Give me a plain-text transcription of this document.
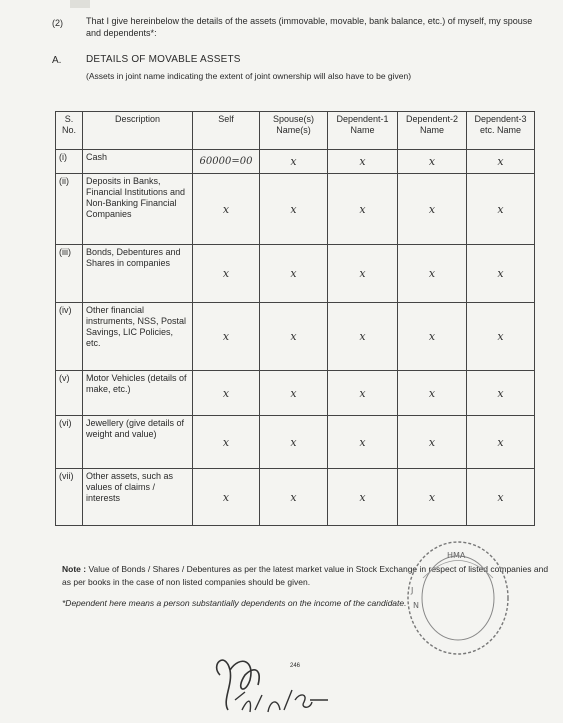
(2)	That I give hereinbelow the details of the assets (immovable, movable, bank balance, etc.) of myself, my spouse and dependents*:
A. DETAILS OF MOVABLE ASSETS
(Assets in joint name indicating the extent of joint ownership will also have to be given)
S. No.	Description	Self	Spouse(s) Name(s)	Dependent-1 Name	Dependent-2 Name	Dependent-3 etc. Name
(i)	Cash	60000=00	x	x	x	x
(ii)	Deposits in Banks, Financial Institutions and Non-Banking Financial Companies	x	x	x	x	x
(iii)	Bonds, Debentures and Shares in companies	x	x	x	x	x
(iv)	Other financial instruments, NSS, Postal Savings, LIC Policies, etc.	x	x	x	x	x
(v)	Motor Vehicles (details of make, etc.)	x	x	x	x	x
(vi)	Jewellery (give details of weight and value)	x	x	x	x	x
(vii)	Other assets, such as values of claims / interests	x	x	x	x	x
Note : Value of Bonds / Shares / Debentures as per the latest market value in Stock Exchange in respect of listed companies and as per books in the case of non listed companies should be given.
*Dependent here means a person substantially dependents on the income of the candidate.
HMA
J
N
246
